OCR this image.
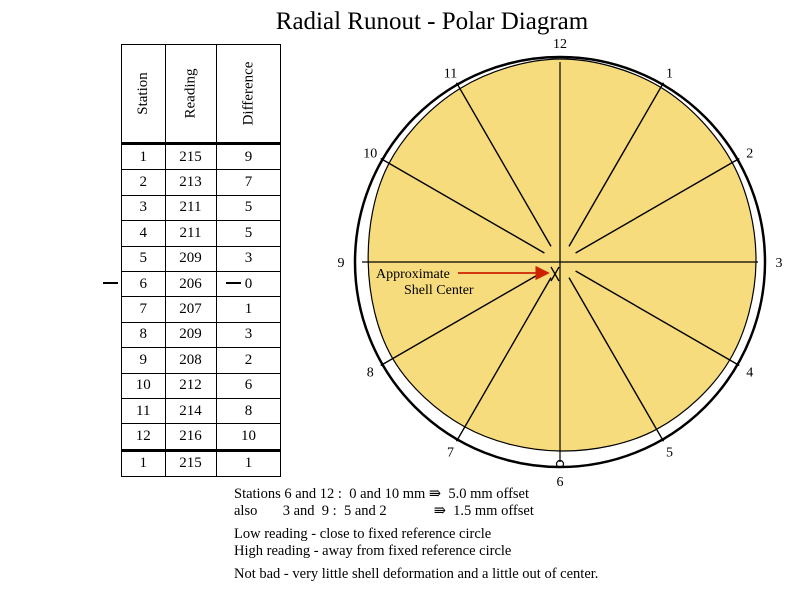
Radial Runout - Polar Diagram
Station	Reading	Difference
1	215	9
2	213	7
3	211	5
4	211	5
5	209	3
6	206	0
7	207	1
8	209	3
9	208	2
10	212	6
11	214	8
12	216	10
1	215	1
12
1
2
3
4
5
6
7
8
9
10
11
Approximate
Shell Center
Stations 6 and 12 :  0 and 10 mm ⇛  5.0 mm offset
also       3 and  9 :  5 and 2             ⇛  1.5 mm offset
Low reading - close to fixed reference circle
High reading - away from fixed reference circle
Not bad - very little shell deformation and a little out of center.
